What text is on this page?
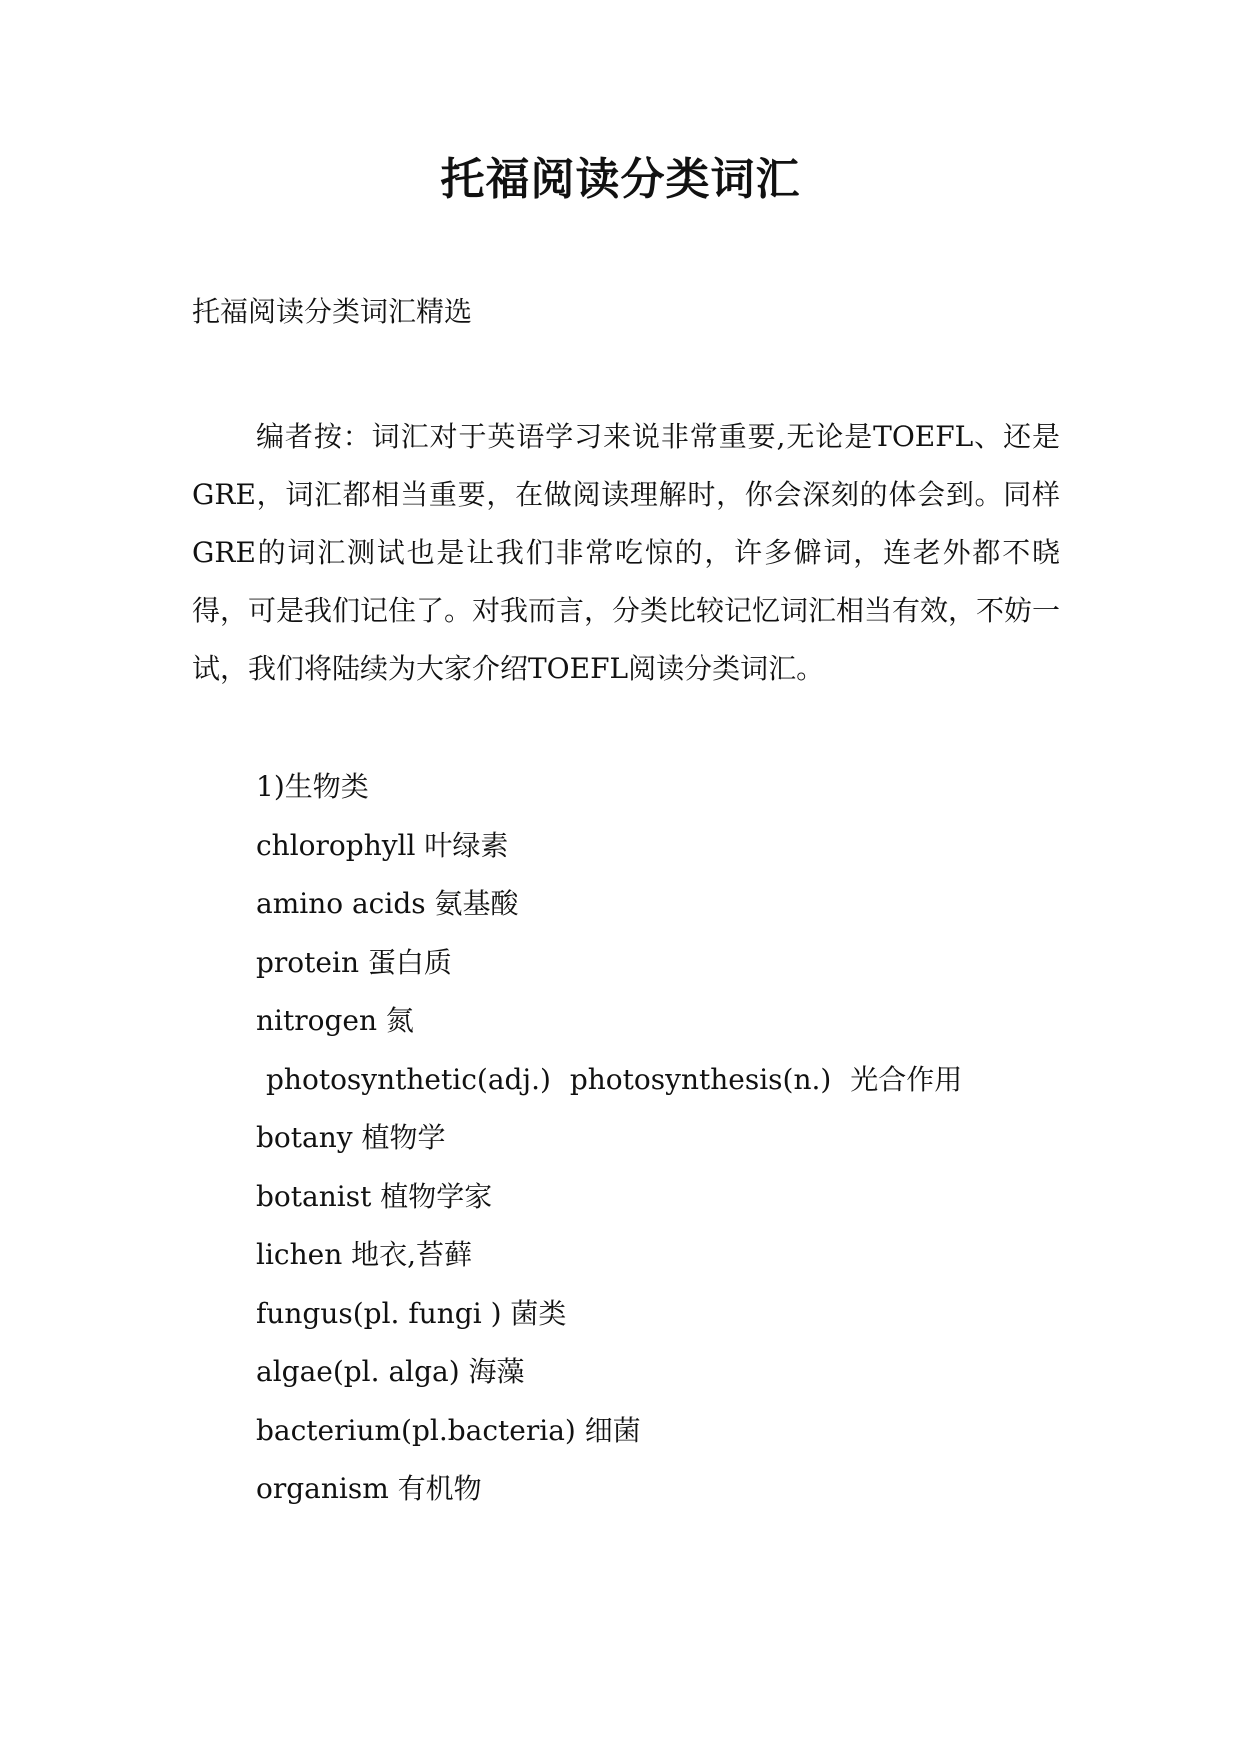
托福阅读分类词汇
托福阅读分类词汇精选

编者按：词汇对于英语学习来说非常重要,无论是TOEFL、还是GRE，词汇都相当重要，在做阅读理解时，你会深刻的体会到。同样GRE的词汇测试也是让我们非常吃惊的，许多僻词，连老外都不晓得，可是我们记住了。对我而言，分类比较记忆词汇相当有效，不妨一试，我们将陆续为大家介绍TOEFL阅读分类词汇。

1)生物类
chlorophyll 叶绿素
amino acids 氨基酸
protein 蛋白质
nitrogen 氮
photosynthetic(adj.) photosynthesis(n.) 光合作用
botany 植物学
botanist 植物学家
lichen 地衣,苔藓
fungus(pl. fungi ) 菌类
algae(pl. alga) 海藻
bacterium(pl.bacteria) 细菌
organism 有机物
